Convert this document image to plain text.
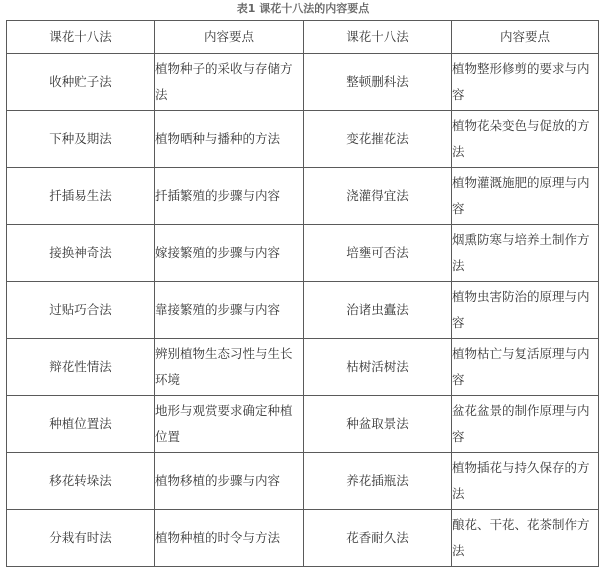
表1 课花十八法的内容要点
课花十八法	内容要点	课花十八法	内容要点
收种贮子法	植物种子的采收与存储方法	整顿删科法	植物整形修剪的要求与内容
下种及期法	植物晒种与播种的方法	变花摧花法	植物花朵变色与促放的方法
扦插易生法	扦插繁殖的步骤与内容	浇灌得宜法	植物灌溉施肥的原理与内容
接换神奇法	嫁接繁殖的步骤与内容	培壅可否法	烟熏防寒与培养土制作方法
过贴巧合法	靠接繁殖的步骤与内容	治诸虫蠹法	植物虫害防治的原理与内容
辩花性情法	辨别植物生态习性与生长环境	枯树活树法	植物枯亡与复活原理与内容
种植位置法	地形与观赏要求确定种植位置	种盆取景法	盆花盆景的制作原理与内容
移花转垛法	植物移植的步骤与内容	养花插瓶法	植物插花与持久保存的方法
分栽有时法	植物种植的时令与方法	花香耐久法	酿花、干花、花茶制作方法
